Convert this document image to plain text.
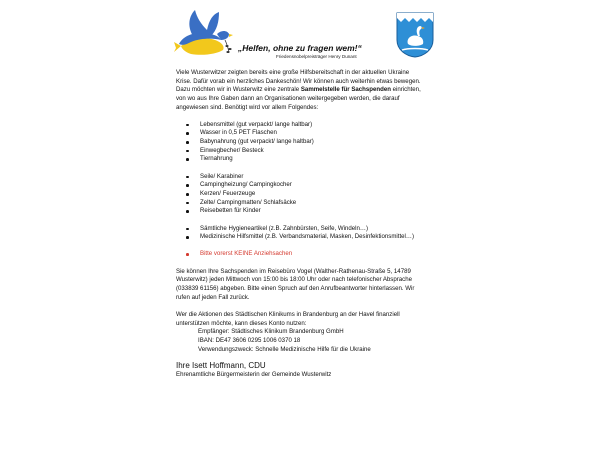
„Helfen, ohne zu fragen wem!“
Friedensnobelpreisträger Henry Dunant

Viele Wusterwitzer zeigten bereits eine große Hilfsbereitschaft in der aktuellen Ukraine Krise. Dafür vorab ein herzliches Dankeschön! Wir können auch weiterhin etwas bewegen. Dazu möchten wir in Wusterwitz eine zentrale Sammelstelle für Sachspenden einrichten, von wo aus Ihre Gaben dann an Organisationen weitergegeben werden, die darauf angewiesen sind. Benötigt wird vor allem Folgendes:

Lebensmittel (gut verpackt/ lange haltbar)
Wasser in 0,5 PET Flaschen
Babynahrung (gut verpackt/ lange haltbar)
Einwegbecher/ Besteck
Tiernahrung
Seile/ Karabiner
Campingheizung/ Campingkocher
Kerzen/ Feuerzeuge
Zelte/ Campingmatten/ Schlafsäcke
Reisebetten für Kinder
Sämtliche Hygieneartikel (z.B. Zahnbürsten, Seife, Windeln…)
Medizinische Hilfsmittel (z.B. Verbandsmaterial, Masken, Desinfektionsmittel…)
Bitte vorerst KEINE Anziehsachen

Sie können Ihre Sachspenden im Reisebüro Vogel (Walther-Rathenau-Straße 5, 14789 Wusterwitz) jeden Mittwoch von 15:00 bis 18:00 Uhr oder nach telefonischer Absprache (033839 61156) abgeben. Bitte einen Spruch auf den Anrufbeantworter hinterlassen. Wir rufen auf jeden Fall zurück.

Wer die Aktionen des Städtischen Klinikums in Brandenburg an der Havel finanziell unterstützen möchte, kann dieses Konto nutzen:

Empfänger: Städtisches Klinikum Brandenburg GmbH

IBAN: DE47 3606 0295 1006 0370 18

Verwendungszweck: Schnelle Medizinische Hilfe für die Ukraine

Ihre Isett Hoffmann, CDU

Ehrenamtliche Bürgermeisterin der Gemeinde Wusterwitz
